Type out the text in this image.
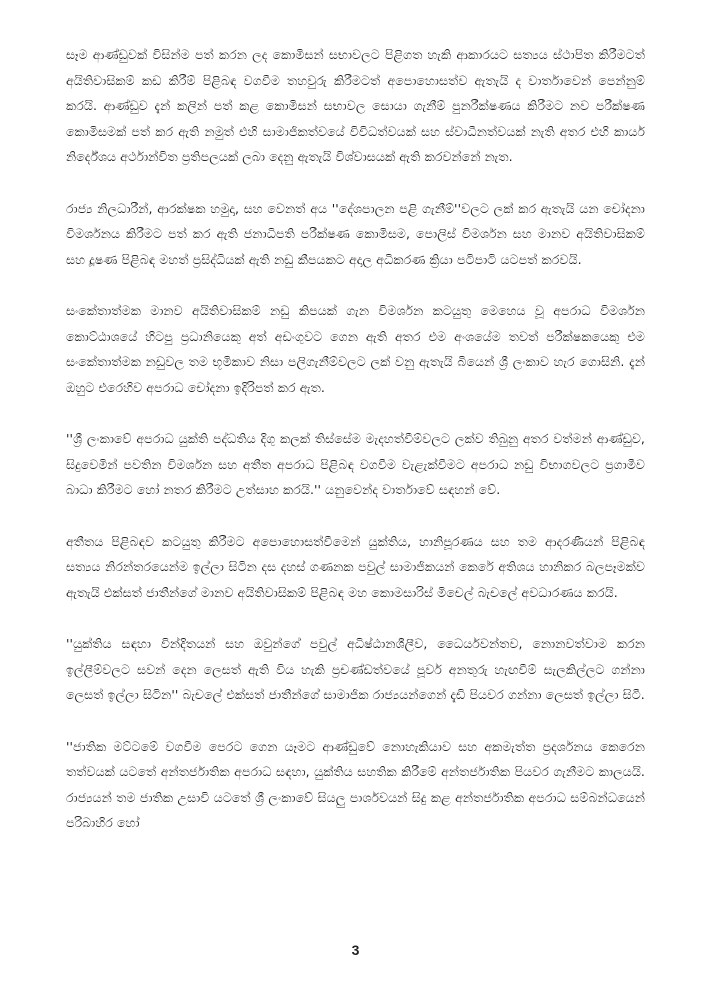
සෑම ආණ්ඩුවක් විසින්ම පත් කරන ලද කොමිසන් සභාවලට පිළිගත හැකි ආකාරයට සත්‍යය ස්ථාපිත කිරීමටත් අයිතිවාසිකම් කඩ කිරීම් පිළිබඳ වගවීම තහවුරු කිරීමටත් අපොහොසත්ව ඇතැයි ද වාර්තාවෙන් පෙන්නුම් කරයි. ආණ්ඩුව දැන් කලින් පත් කළ කොමිසන් සභාවල සොයා ගැනීම් පුනරීක්ෂණය කිරීමට නව පරීක්ෂණ කොමිසමක් පත් කර ඇති නමුත් එහි සාමාජිකත්වයේ විවිධත්වයක් සහ ස්වාධීනත්වයක් නැති අතර එහි කාර්ය නිර්දේශය අර්ථාන්විත ප්‍රතිපලයක් ලබා දෙනු ඇතැයි විශ්වාසයක් ඇති කරවන්නේ නැත.

රාජ්‍ය නිලධාරීන්, ආරක්ෂක හමුදා, සහ වෙනත් අය ''දේශපාලන පළි ගැනීම්''වලට ලක් කර ඇතැයි යන චෝදනා විමර්ශනය කිරීමට පත් කර ඇති ජනාධිපති පරීක්ෂණ කොමිසම, පොලිස් විමර්ශන සහ මානව අයිතිවාසිකම් සහ දූෂණ පිළිබඳ මහත් ප්‍රසිද්ධියක් ඇති නඩු කීපයකට අදාල අධිකරණ ක්‍රියා පටිපාටි යටපත් කරවයි.

සංකේතාත්මක මානව අයිතිවාසිකම් නඩු කිපයක් ගැන විමර්ශන කටයුතු මෙහෙය වූ අපරාධ විමර්ශන කොට්ඨාශයේ හිටපු ප්‍රධානියෙකු අත් අඩංගුවට ගෙන ඇති අතර එම අංශයේම තවත් පරීක්ෂකයෙකු එම සංකේතාත්මක නඩුවල තම භූමිකාව නිසා පලිගැනීම්වලට ලක් වනු ඇතැයි බියෙන් ශ්‍රී ලංකාව හැර ගොසිනි. දැන් ඔහුට එරෙහිව අපරාධ චෝදනා ඉදිරිපත් කර ඇත.

''ශ්‍රී ලංකාවේ අපරාධ යුක්ති පද්ධතිය දිගු කලක් තිස්සේම මැදහත්වීම්වලට ලක්ව තිබුනු අතර වත්මන් ආණ්ඩුව, සිදුවෙමින් පවතින විමර්ශන සහ අතීත අපරාධ පිළිබඳ වගවීම වැළැක්වීමට අපරාධ නඩු විභාගවලට ප්‍රගාමීව බාධා කිරීමට හෝ නතර කිරීමට උත්සාහ කරයි.'' යනුවෙන්ද වාර්තාවේ සඳහන් වේ.

අතීතය පිළිබඳව කටයුතු කිරීමට අපොහොසත්වීමෙන් යුක්තිය, හානිපූරණය සහ තම ආදරණීයන් පිළිබඳ සත්‍යය නිරන්තරයෙන්ම ඉල්ලා සිටින දස දහස් ගණනක පවුල් සාමාජිකයන් කෙරේ අතිශය හානිකර බලපෑමක්ව ඇතැයි එක්සත් ජාතීන්ගේ මානව අයිතිවාසිකම් පිළිබඳ මහ කොමසාරිස් මිචෙල් බැචලේ අවධාරණය කරයි.

''යුක්තිය සඳහා වින්දිතයන් සහ ඔවුන්ගේ පවුල් අධිෂ්ඨානශීලීව, ධෛර්යවන්තව, නොනවත්වාම කරන ඉල්ලීම්වලට සවන් දෙන ලෙසත් ඇති විය හැකි ප්‍රචණ්ඩත්වයේ පූර්ව අනතුරු හැඟවීම් සැලකිල්ලට ගන්නා ලෙසත් ඉල්ලා සිටින'' බැචලේ එක්සත් ජාතීන්ගේ සාමාජික රාජ්‍යයන්ගෙන් දැඩි පියවර ගන්නා ලෙසත් ඉල්ලා සිටී.

''ජාතික මට්ටමේ වගවීම පෙරට ගෙන යෑමට ආණ්ඩුවේ නොහැකියාව සහ අකමැත්ත ප්‍රදර්ශනය කෙරෙන තත්වයක් යටතේ අන්තර්ජාතික අපරාධ සඳහා, යුක්තිය සහතික කිරීමේ අන්තර්ජාතික පියවර ගැනීමට කාලයයි. රාජ්‍යයන් තම ජාතික උසාවි යටතේ ශ්‍රී ලංකාවේ සියලු පාර්ශවයන් සිදු කළ අන්තර්ජාතික අපරාධ සම්බන්ධයෙන් පරිබාහිර හෝ

3
